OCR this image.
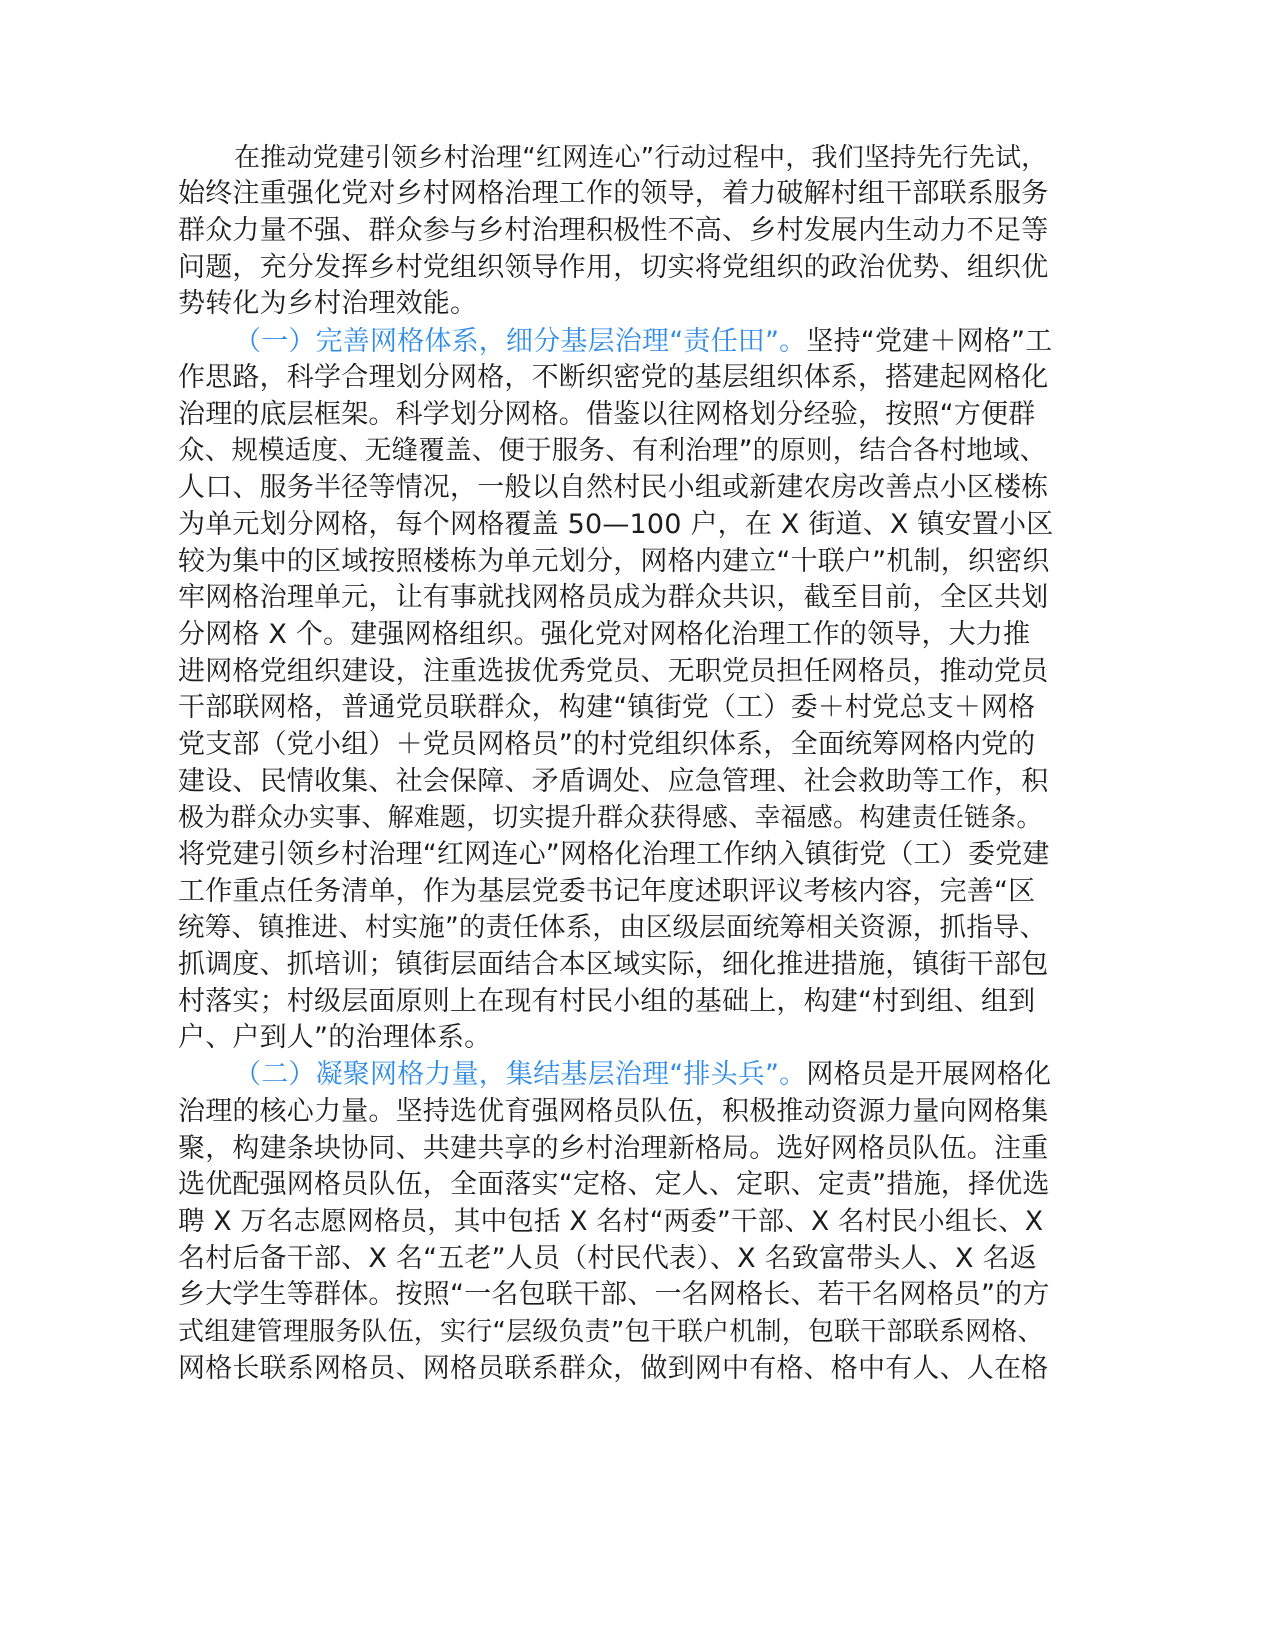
在推动党建引领乡村治理“红网连心”行动过程中，我们坚持先行先试，
始终注重强化党对乡村网格治理工作的领导，着力破解村组干部联系服务
群众力量不强、群众参与乡村治理积极性不高、乡村发展内生动力不足等
问题，充分发挥乡村党组织领导作用，切实将党组织的政治优势、组织优
势转化为乡村治理效能。
（一）完善网格体系，细分基层治理“责任田”。坚持“党建＋网格”工
作思路，科学合理划分网格，不断织密党的基层组织体系，搭建起网格化
治理的底层框架。科学划分网格。借鉴以往网格划分经验，按照“方便群
众、规模适度、无缝覆盖、便于服务、有利治理”的原则，结合各村地域、
人口、服务半径等情况，一般以自然村民小组或新建农房改善点小区楼栋
为单元划分网格，每个网格覆盖 50—100 户，在 X 街道、X 镇安置小区
较为集中的区域按照楼栋为单元划分，网格内建立“十联户”机制，织密织
牢网格治理单元，让有事就找网格员成为群众共识，截至目前，全区共划
分网格 X 个。建强网格组织。强化党对网格化治理工作的领导，大力推
进网格党组织建设，注重选拔优秀党员、无职党员担任网格员，推动党员
干部联网格，普通党员联群众，构建“镇街党（工）委＋村党总支＋网格
党支部（党小组）＋党员网格员”的村党组织体系，全面统筹网格内党的
建设、民情收集、社会保障、矛盾调处、应急管理、社会救助等工作，积
极为群众办实事、解难题，切实提升群众获得感、幸福感。构建责任链条。
将党建引领乡村治理“红网连心”网格化治理工作纳入镇街党（工）委党建
工作重点任务清单，作为基层党委书记年度述职评议考核内容，完善“区
统筹、镇推进、村实施”的责任体系，由区级层面统筹相关资源，抓指导、
抓调度、抓培训；镇街层面结合本区域实际，细化推进措施，镇街干部包
村落实；村级层面原则上在现有村民小组的基础上，构建“村到组、组到
户、户到人”的治理体系。
（二）凝聚网格力量，集结基层治理“排头兵”。网格员是开展网格化
治理的核心力量。坚持选优育强网格员队伍，积极推动资源力量向网格集
聚，构建条块协同、共建共享的乡村治理新格局。选好网格员队伍。注重
选优配强网格员队伍，全面落实“定格、定人、定职、定责”措施，择优选
聘 X 万名志愿网格员，其中包括 X 名村“两委”干部、X 名村民小组长、X
名村后备干部、X 名“五老”人员（村民代表）、X 名致富带头人、X 名返
乡大学生等群体。按照“一名包联干部、一名网格长、若干名网格员”的方
式组建管理服务队伍，实行“层级负责”包干联户机制，包联干部联系网格、
网格长联系网格员、网格员联系群众，做到网中有格、格中有人、人在格
